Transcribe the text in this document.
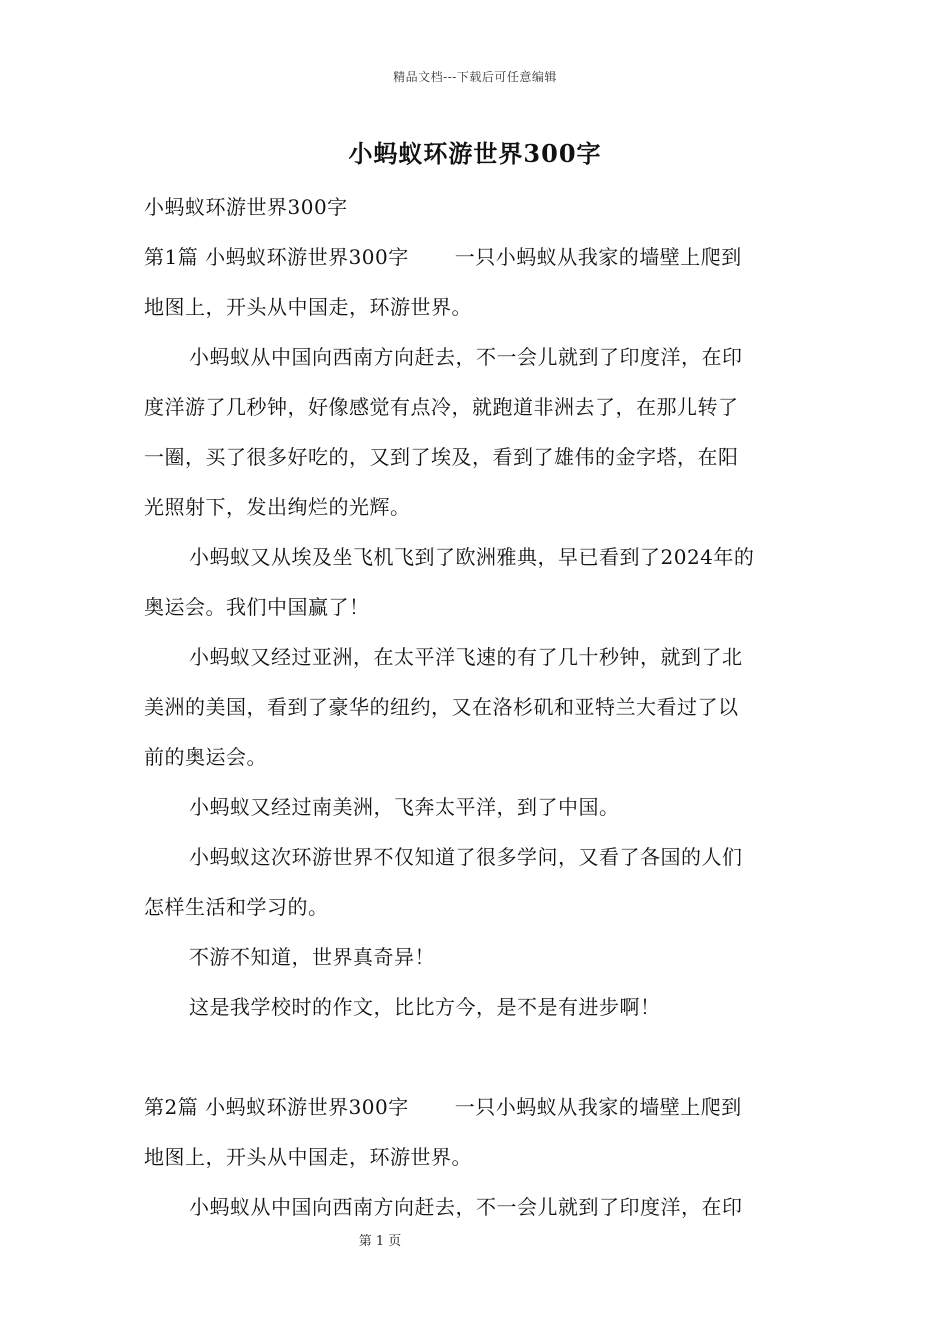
精品文档---下载后可任意编辑
小蚂蚁环游世界300字
小蚂蚁环游世界300字
第1篇 小蚂蚁环游世界300字 一只小蚂蚁从我家的墙壁上爬到
地图上，开头从中国走，环游世界。
小蚂蚁从中国向西南方向赶去，不一会儿就到了印度洋，在印
度洋游了几秒钟，好像感觉有点冷，就跑道非洲去了，在那儿转了
一圈，买了很多好吃的，又到了埃及，看到了雄伟的金字塔，在阳
光照射下，发出绚烂的光辉。
小蚂蚁又从埃及坐飞机飞到了欧洲雅典，早已看到了2024年的
奥运会。我们中国赢了！
小蚂蚁又经过亚洲，在太平洋飞速的有了几十秒钟，就到了北
美洲的美国，看到了豪华的纽约，又在洛杉矶和亚特兰大看过了以
前的奥运会。
小蚂蚁又经过南美洲，飞奔太平洋，到了中国。
小蚂蚁这次环游世界不仅知道了很多学问，又看了各国的人们
怎样生活和学习的。
不游不知道，世界真奇异！
这是我学校时的作文，比比方今，是不是有进步啊！
第2篇 小蚂蚁环游世界300字 一只小蚂蚁从我家的墙壁上爬到
地图上，开头从中国走，环游世界。
小蚂蚁从中国向西南方向赶去，不一会儿就到了印度洋，在印
第 1 页
